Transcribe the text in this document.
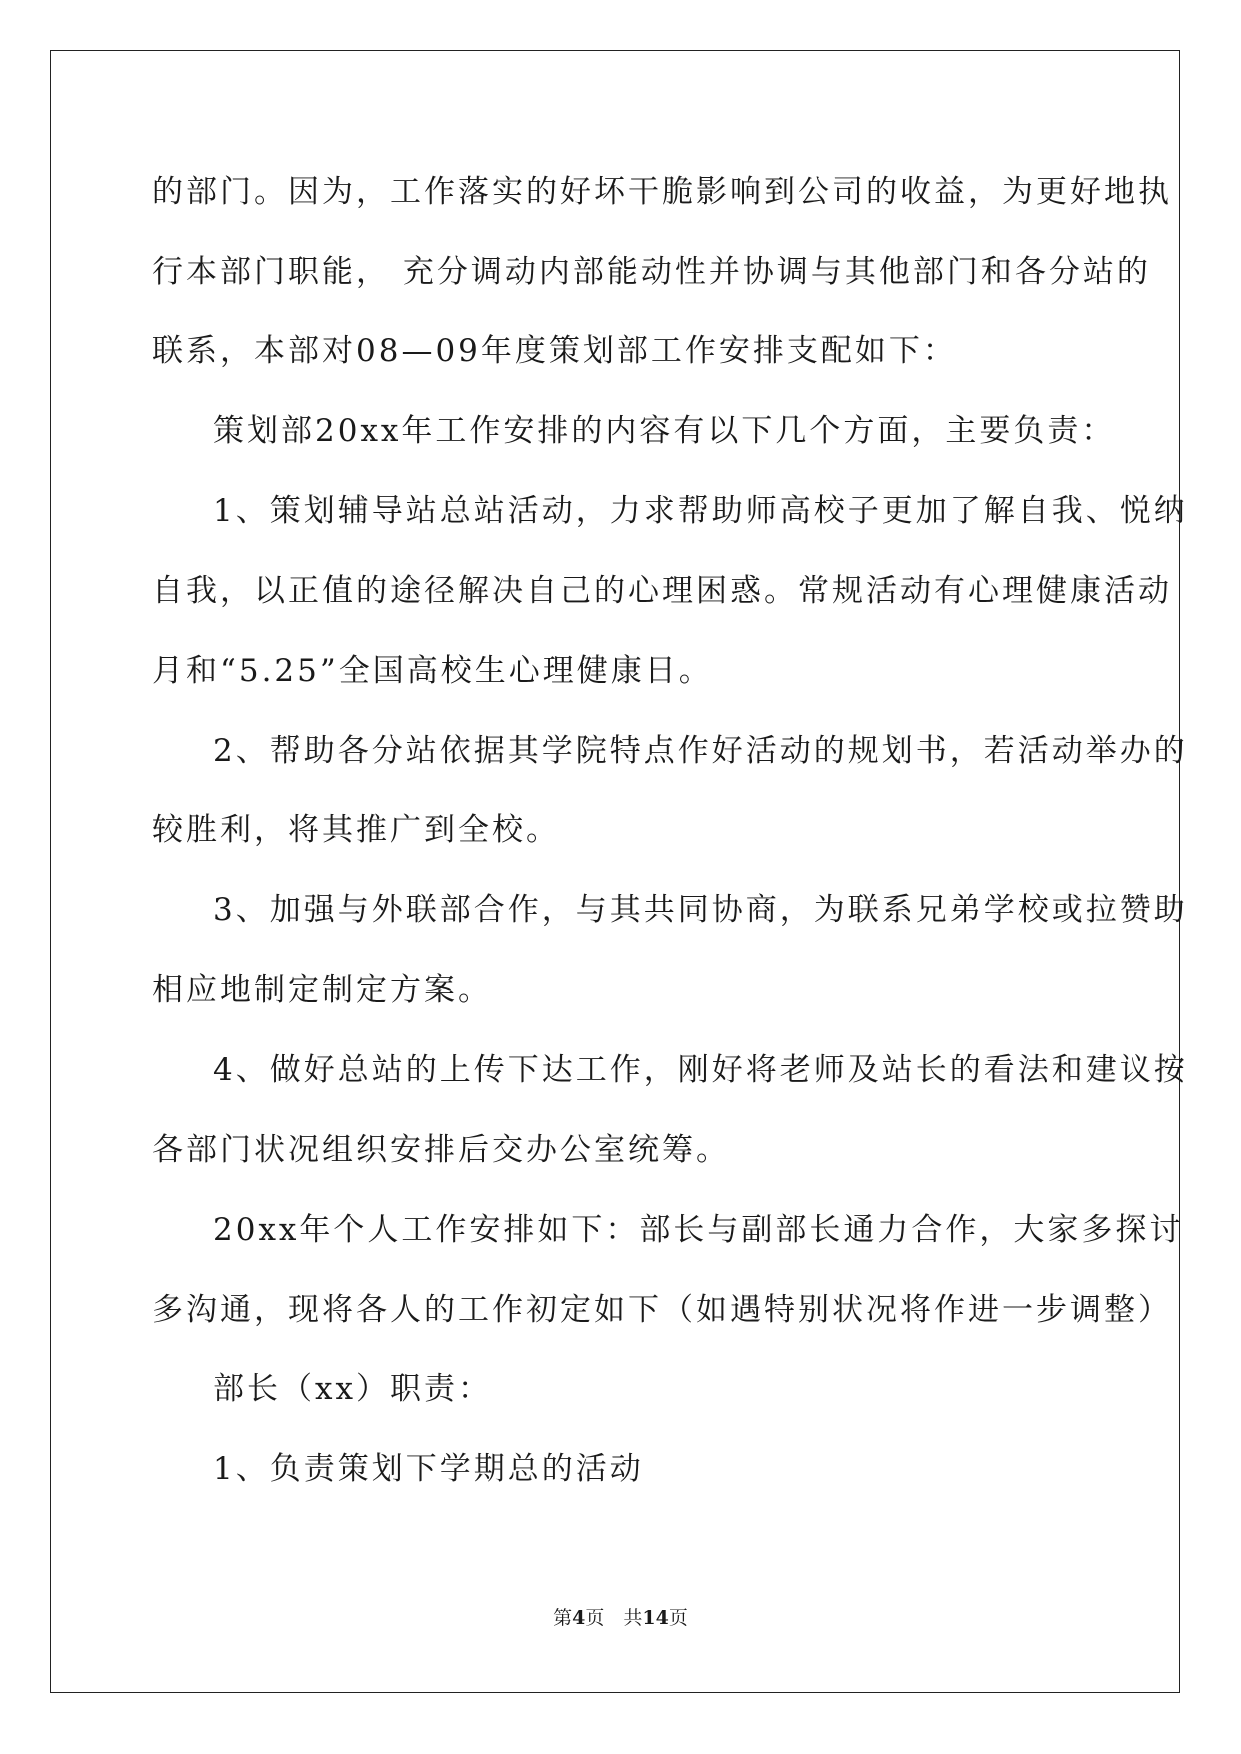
的部门。因为，工作落实的好坏干脆影响到公司的收益，为更好地执
行本部门职能， 充分调动内部能动性并协调与其他部门和各分站的
联系，本部对08—09年度策划部工作安排支配如下：
策划部20xx年工作安排的内容有以下几个方面，主要负责：
1、策划辅导站总站活动，力求帮助师高校子更加了解自我、悦纳
自我，以正值的途径解决自己的心理困惑。常规活动有心理健康活动
月和“5.25”全国高校生心理健康日。
2、帮助各分站依据其学院特点作好活动的规划书，若活动举办的
较胜利，将其推广到全校。
3、加强与外联部合作，与其共同协商，为联系兄弟学校或拉赞助
相应地制定制定方案。
4、做好总站的上传下达工作，刚好将老师及站长的看法和建议按
各部门状况组织安排后交办公室统筹。
20xx年个人工作安排如下：部长与副部长通力合作，大家多探讨
多沟通，现将各人的工作初定如下（如遇特别状况将作进一步调整）
部长（xx）职责：
1、负责策划下学期总的活动
第4页　共14页
